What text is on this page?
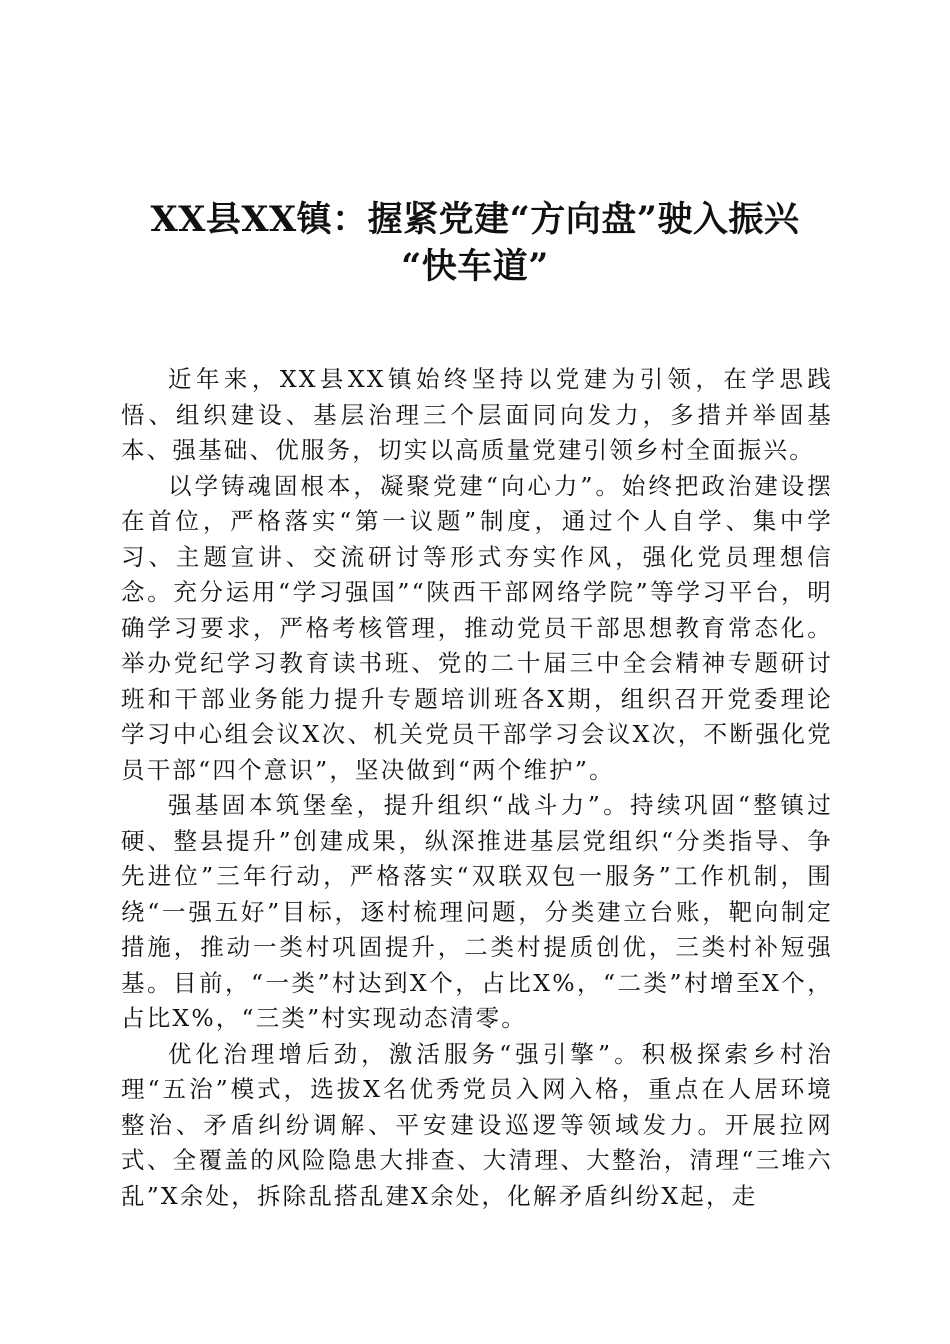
XX县XX镇：握紧党建“方向盘”驶入振兴
“快车道”

近年来，XX县XX镇始终坚持以党建为引领，在学思践悟、组织建设、基层治理三个层面同向发力，多措并举固基本、强基础、优服务，切实以高质量党建引领乡村全面振兴。

以学铸魂固根本，凝聚党建“向心力”。始终把政治建设摆在首位，严格落实“第一议题”制度，通过个人自学、集中学习、主题宣讲、交流研讨等形式夯实作风，强化党员理想信念。充分运用“学习强国”“陕西干部网络学院”等学习平台，明确学习要求，严格考核管理，推动党员干部思想教育常态化。举办党纪学习教育读书班、党的二十届三中全会精神专题研讨班和干部业务能力提升专题培训班各X期，组织召开党委理论学习中心组会议X次、机关党员干部学习会议X次，不断强化党员干部“四个意识”，坚决做到“两个维护”。

强基固本筑堡垒，提升组织“战斗力”。持续巩固“整镇过硬、整县提升”创建成果，纵深推进基层党组织“分类指导、争先进位”三年行动，严格落实“双联双包一服务”工作机制，围绕“一强五好”目标，逐村梳理问题，分类建立台账，靶向制定措施，推动一类村巩固提升，二类村提质创优，三类村补短强基。目前，“一类”村达到X个，占比X%，“二类”村增至X个，占比X%，“三类”村实现动态清零。

优化治理增后劲，激活服务“强引擎”。积极探索乡村治理“五治”模式，选拔X名优秀党员入网入格，重点在人居环境整治、矛盾纠纷调解、平安建设巡逻等领域发力。开展拉网式、全覆盖的风险隐患大排查、大清理、大整治，清理“三堆六乱”X余处，拆除乱搭乱建X余处，化解矛盾纠纷X起，走
